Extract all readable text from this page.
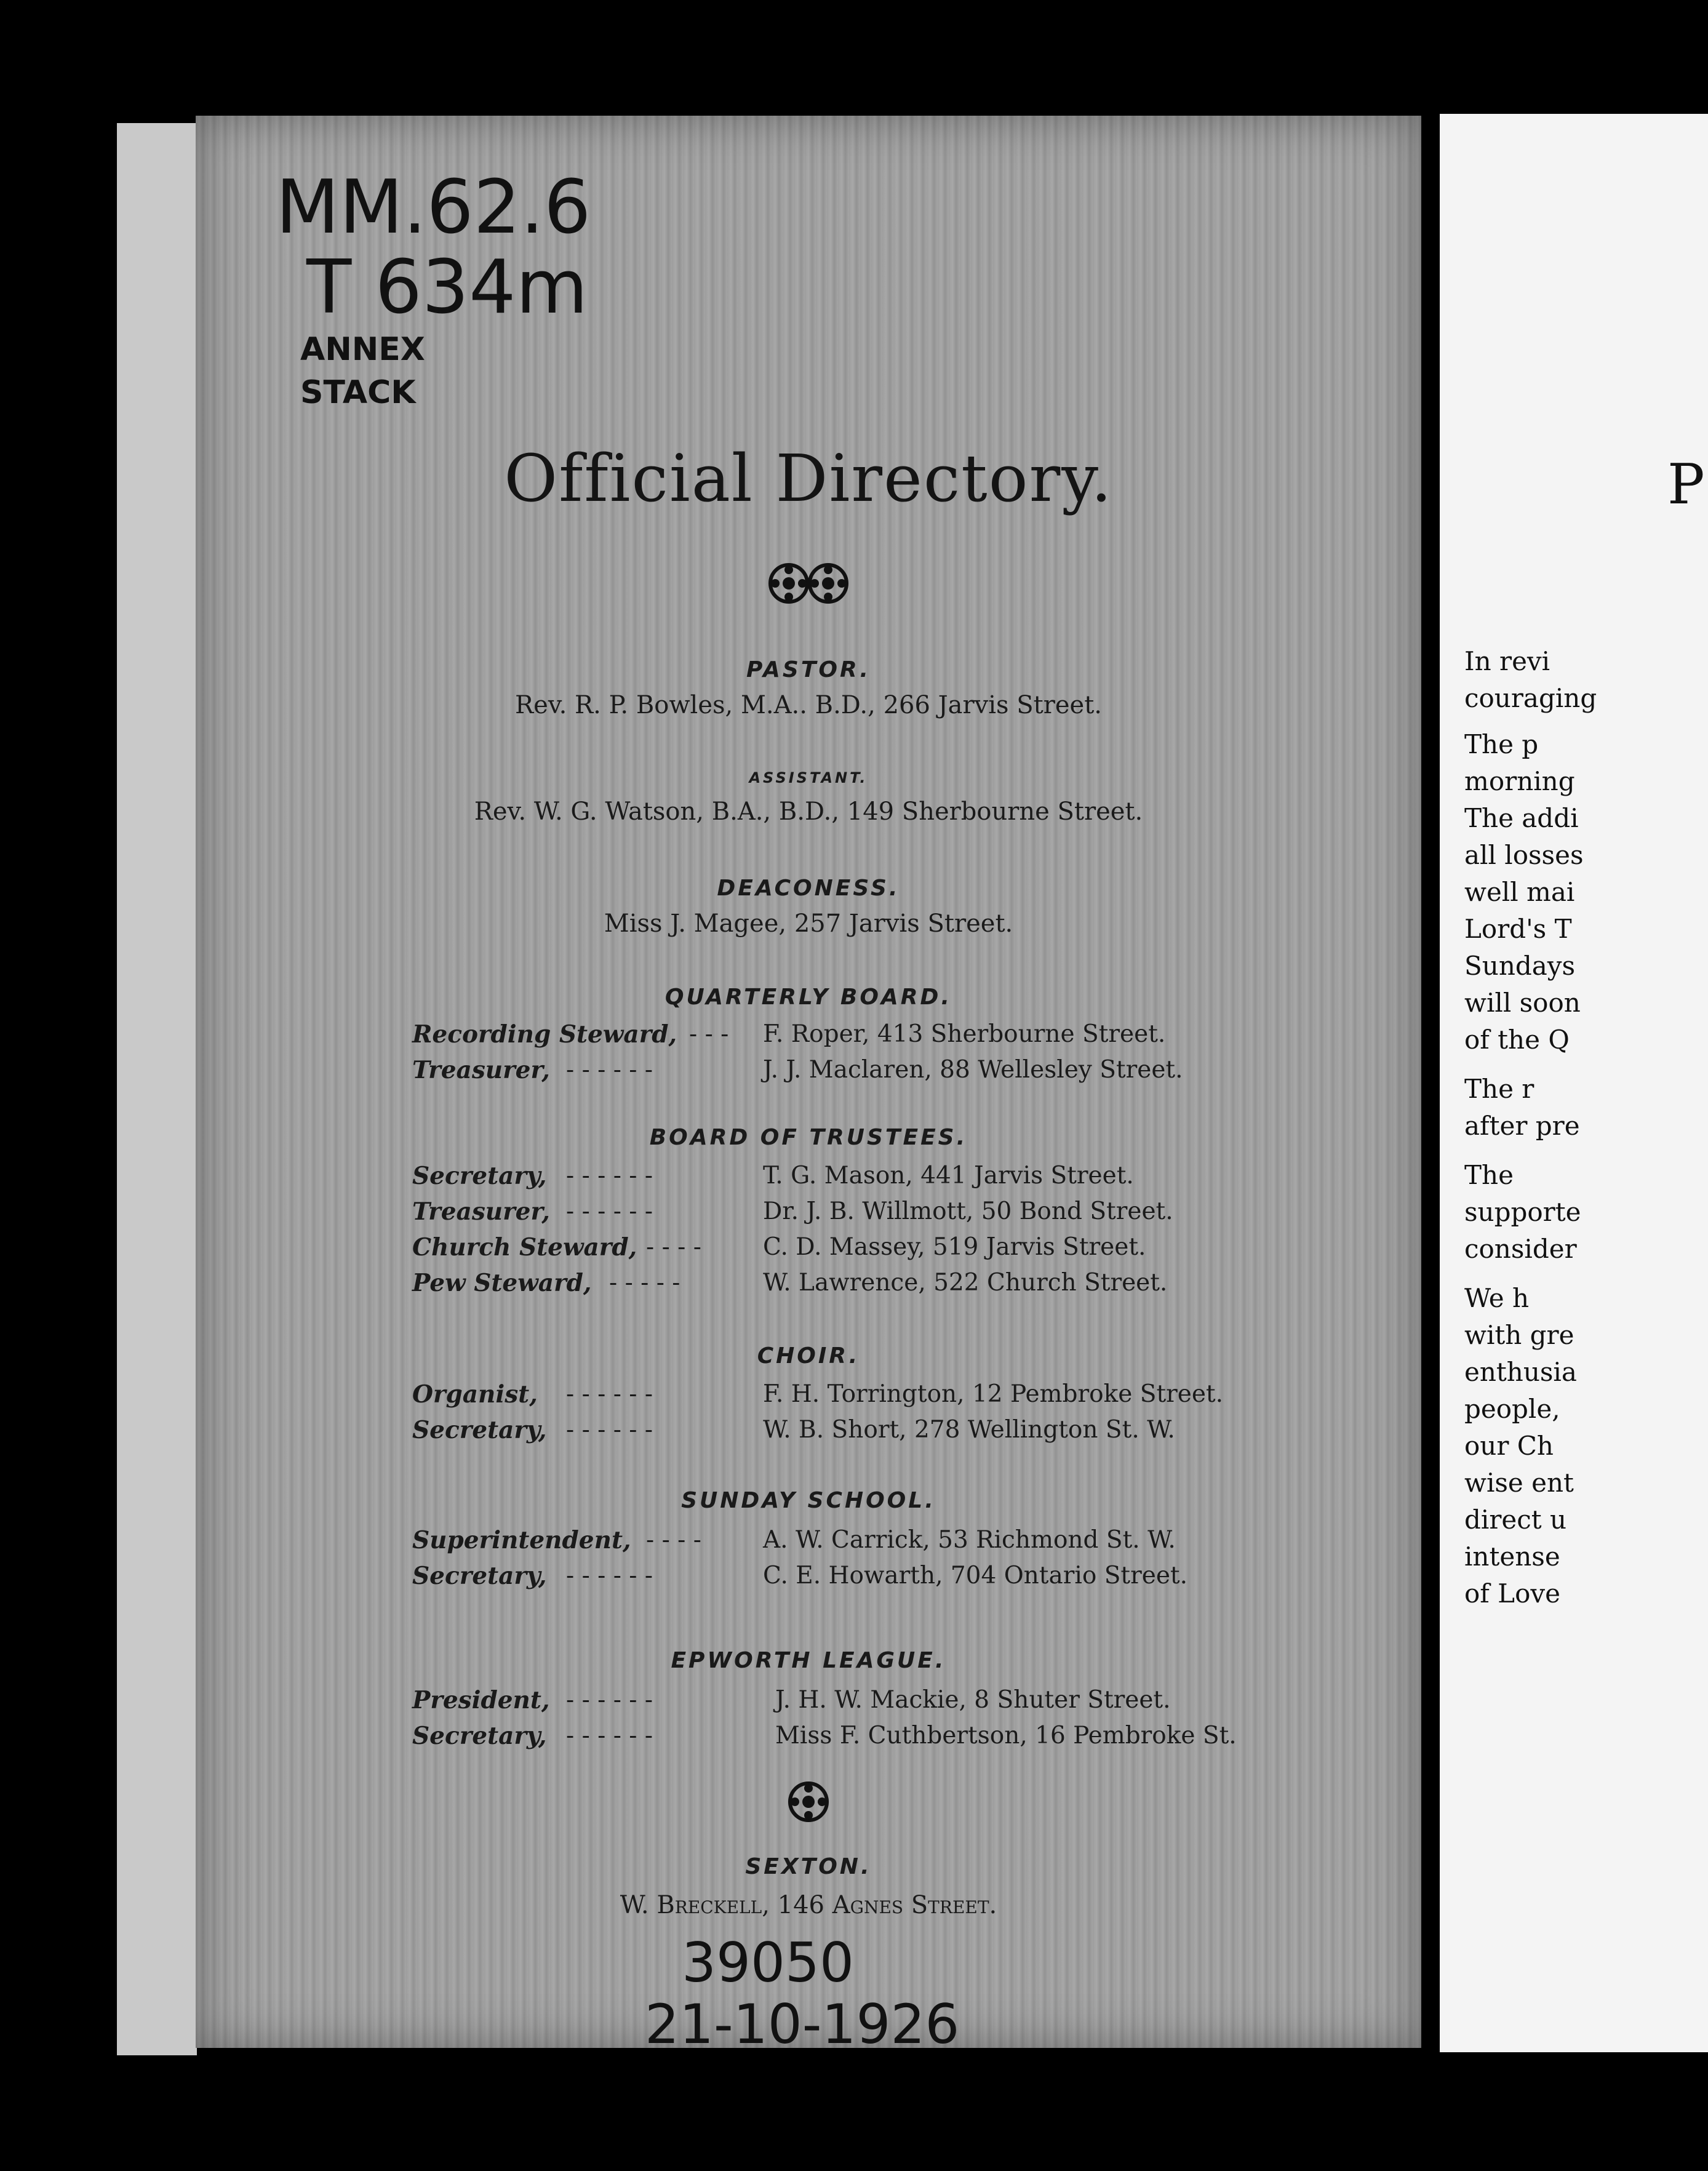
MM.62.6
T 634m
ANNEX
STACK
Official Directory.
PASTOR.
Rev. R. P. Bowles, M.A.. B.D., 266 Jarvis Street.
ASSISTANT.
Rev. W. G. Watson, B.A., B.D., 149 Sherbourne Street.
DEACONESS.
Miss J. Magee, 257 Jarvis Street.
QUARTERLY BOARD.
Recording Steward, - - - F. Roper, 413 Sherbourne Street.
Treasurer, - - - - - -	J. J. Maclaren, 88 Wellesley Street.
BOARD OF TRUSTEES.
Secretary, - - - - - -	T. G. Mason, 441 Jarvis Street.
Treasurer, - - - - - -	Dr. J. B. Willmott, 50 Bond Street.
Church Steward, - - - -	C. D. Massey, 519 Jarvis Street.
Pew Steward, - - - - -	W. Lawrence, 522 Church Street.
CHOIR.
Organist, - - - - - -	F. H. Torrington, 12 Pembroke Street.
Secretary, - - - - - -	W. B. Short, 278 Wellington St. W.
SUNDAY SCHOOL.
Superintendent, - - - -	A. W. Carrick, 53 Richmond St. W.
Secretary, - - - - - -	C. E. Howarth, 704 Ontario Street.
EPWORTH LEAGUE.
President, - - - - - -	J. H. W. Mackie, 8 Shuter Street.
Secretary, - - - - - -	Miss F. Cuthbertson, 16 Pembroke St.
SEXTON.
W. Breckell, 146 Agnes Street.
39050
21-10-1926
P
In revi
couraging
The p
morning
The addi
all losses
well mai
Lord's T
Sundays
will soon
of the Q
The r
after pre
The
supporte
consider
We h
with gre
enthusia
people,
our Ch
wise ent
direct u
intense
of Love
